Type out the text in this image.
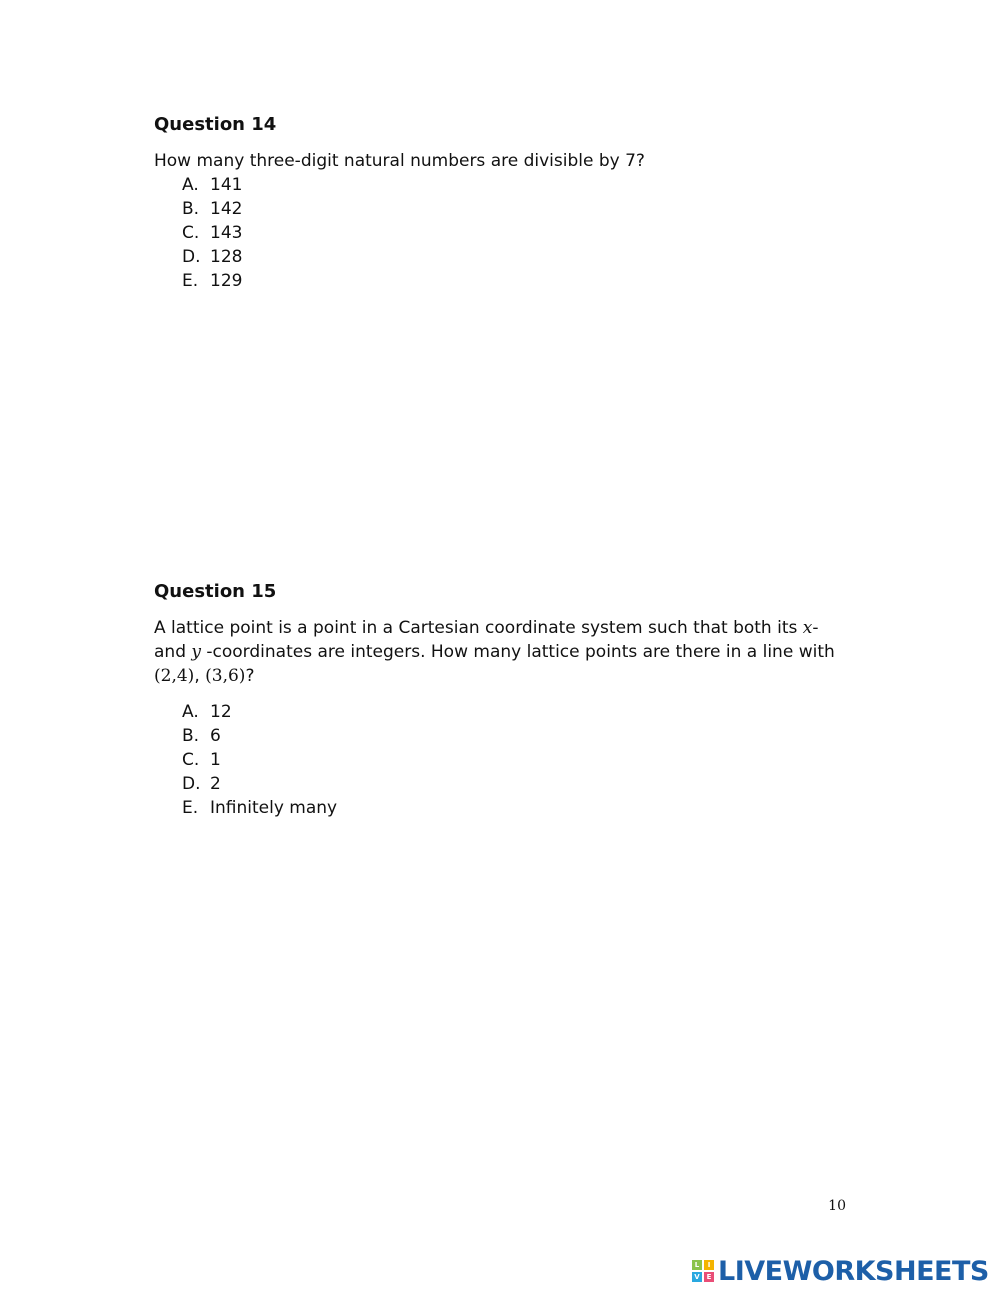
Question 14

How many three-digit natural numbers are divisible by 7?

A. 141
B. 142
C. 143
D. 128
E. 129

Question 15

A lattice point is a point in a Cartesian coordinate system such that both its x- and y -coordinates are integers. How many lattice points are there in a line with (2,4), (3,6)?

A. 12
B. 6
C. 1
D. 2
E. Infinitely many
10
L	I
V E LIVEWORKSHEETS
